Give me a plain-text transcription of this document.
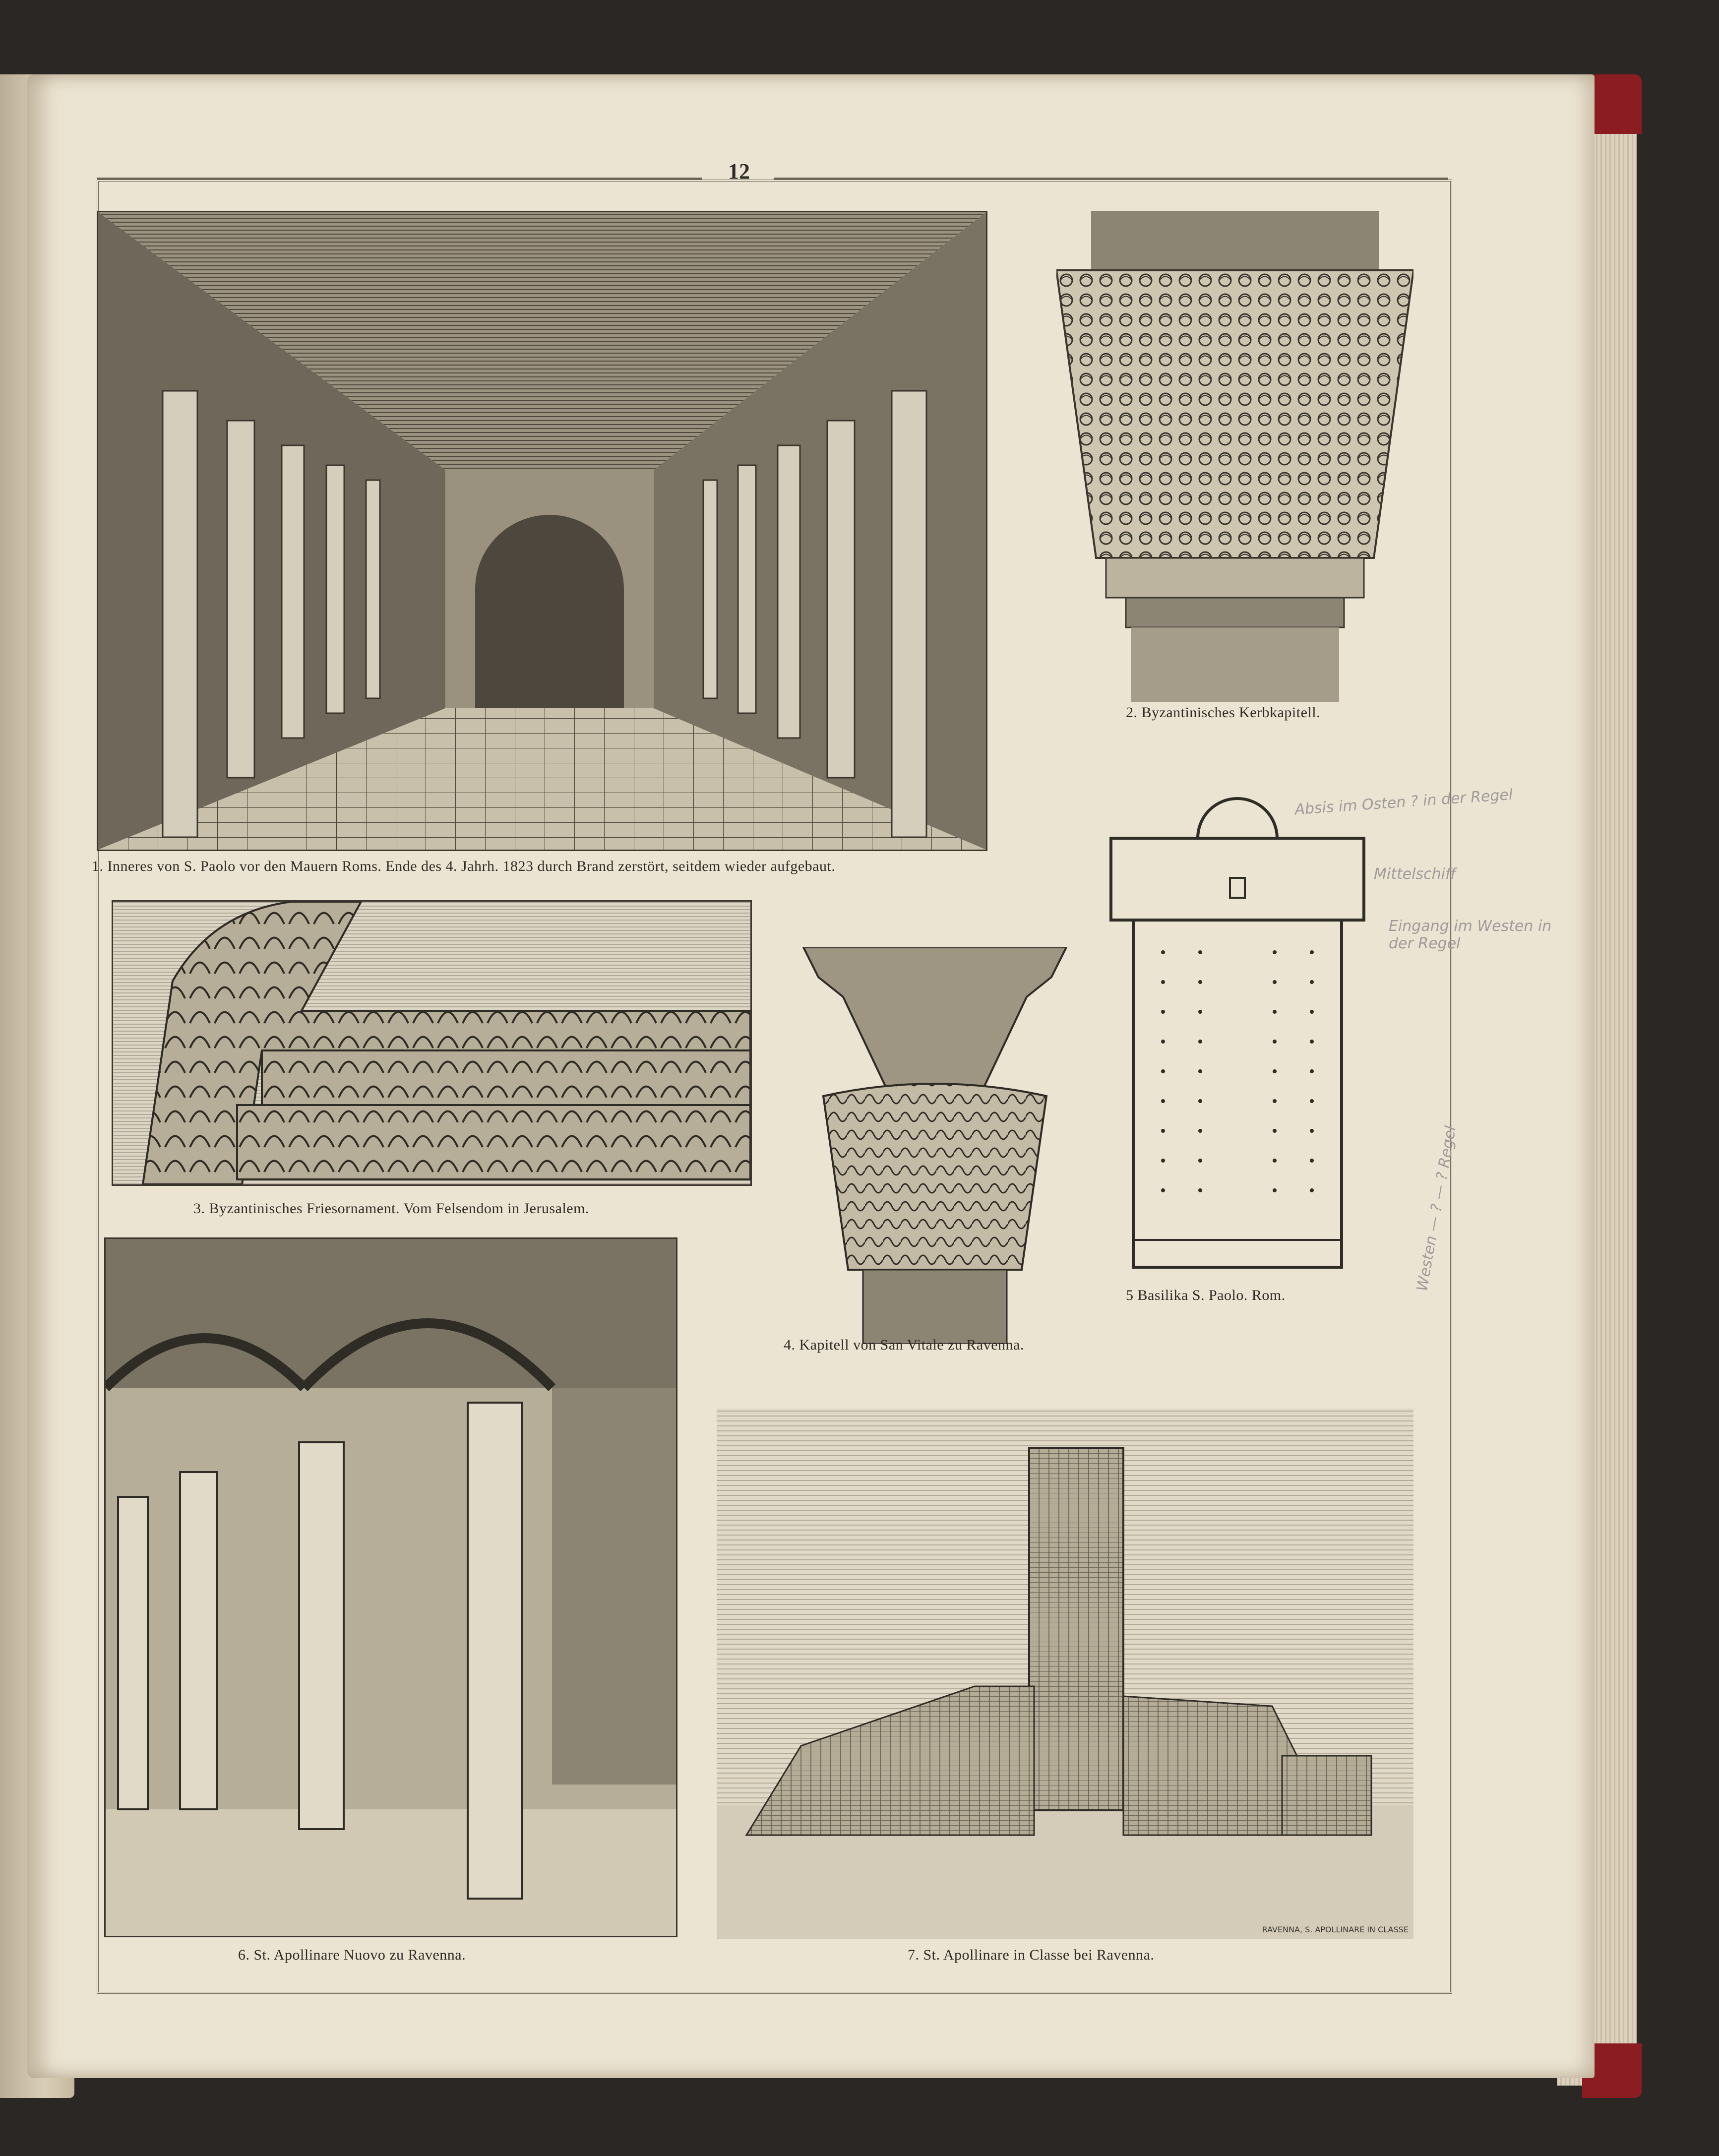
12
1. Inneres von S. Paolo vor den Mauern Roms. Ende des 4. Jahrh. 1823 durch Brand zerstört, seitdem wieder aufgebaut.
2. Byzantinisches Kerbkapitell.
3. Byzantinisches Friesornament. Vom Felsendom in Jerusalem.
4. Kapitell von San Vitale zu Ravenna.
5 Basilika S. Paolo. Rom.
6. St. Apollinare Nuovo zu Ravenna.
RAVENNA, S. APOLLINARE IN CLASSE
7. St. Apollinare in Classe bei Ravenna.
Absis im Osten ? in der Regel
Mittelschiff
Eingang im Westen in der Regel
Westen — ? — ? Regel
